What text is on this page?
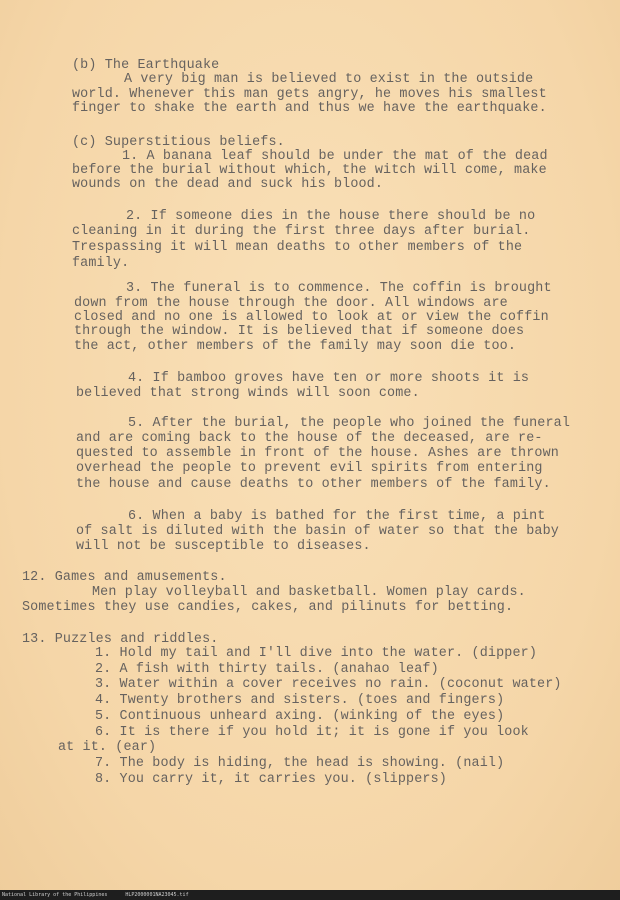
(b) The Earthquake
A very big man is believed to exist in the outside
world. Whenever this man gets angry, he moves his smallest
finger to shake the earth and thus we have the earthquake.
(c) Superstitious beliefs.
1. A banana leaf should be under the mat of the dead
before the burial without which, the witch will come, make
wounds on the dead and suck his blood.
2. If someone dies in the house there should be no
cleaning in it during the first three days after burial.
Trespassing it will mean deaths to other members of the
family.
3. The funeral is to commence. The coffin is brought
down from the house through the door. All windows are
closed and no one is allowed to look at or view the coffin
through the window. It is believed that if someone does
the act, other members of the family may soon die too.
4. If bamboo groves have ten or more shoots it is
believed that strong winds will soon come.
5. After the burial, the people who joined the funeral
and are coming back to the house of the deceased, are re-
quested to assemble in front of the house. Ashes are thrown
overhead the people to prevent evil spirits from entering
the house and cause deaths to other members of the family.
6. When a baby is bathed for the first time, a pint
of salt is diluted with the basin of water so that the baby
will not be susceptible to diseases.
12. Games and amusements.
Men play volleyball and basketball. Women play cards.
Sometimes they use candies, cakes, and pilinuts for betting.
13. Puzzles and riddles.
1. Hold my tail and I'll dive into the water. (dipper)
2. A fish with thirty tails. (anahao leaf)
3. Water within a cover receives no rain. (coconut water)
4. Twenty brothers and sisters. (toes and fingers)
5. Continuous unheard axing. (winking of the eyes)
6. It is there if you hold it; it is gone if you look
at it. (ear)
7. The body is hiding, the head is showing. (nail)
8. You carry it, it carries you. (slippers)
National Library of the Philippines	HLP2000001NA23045.tif
